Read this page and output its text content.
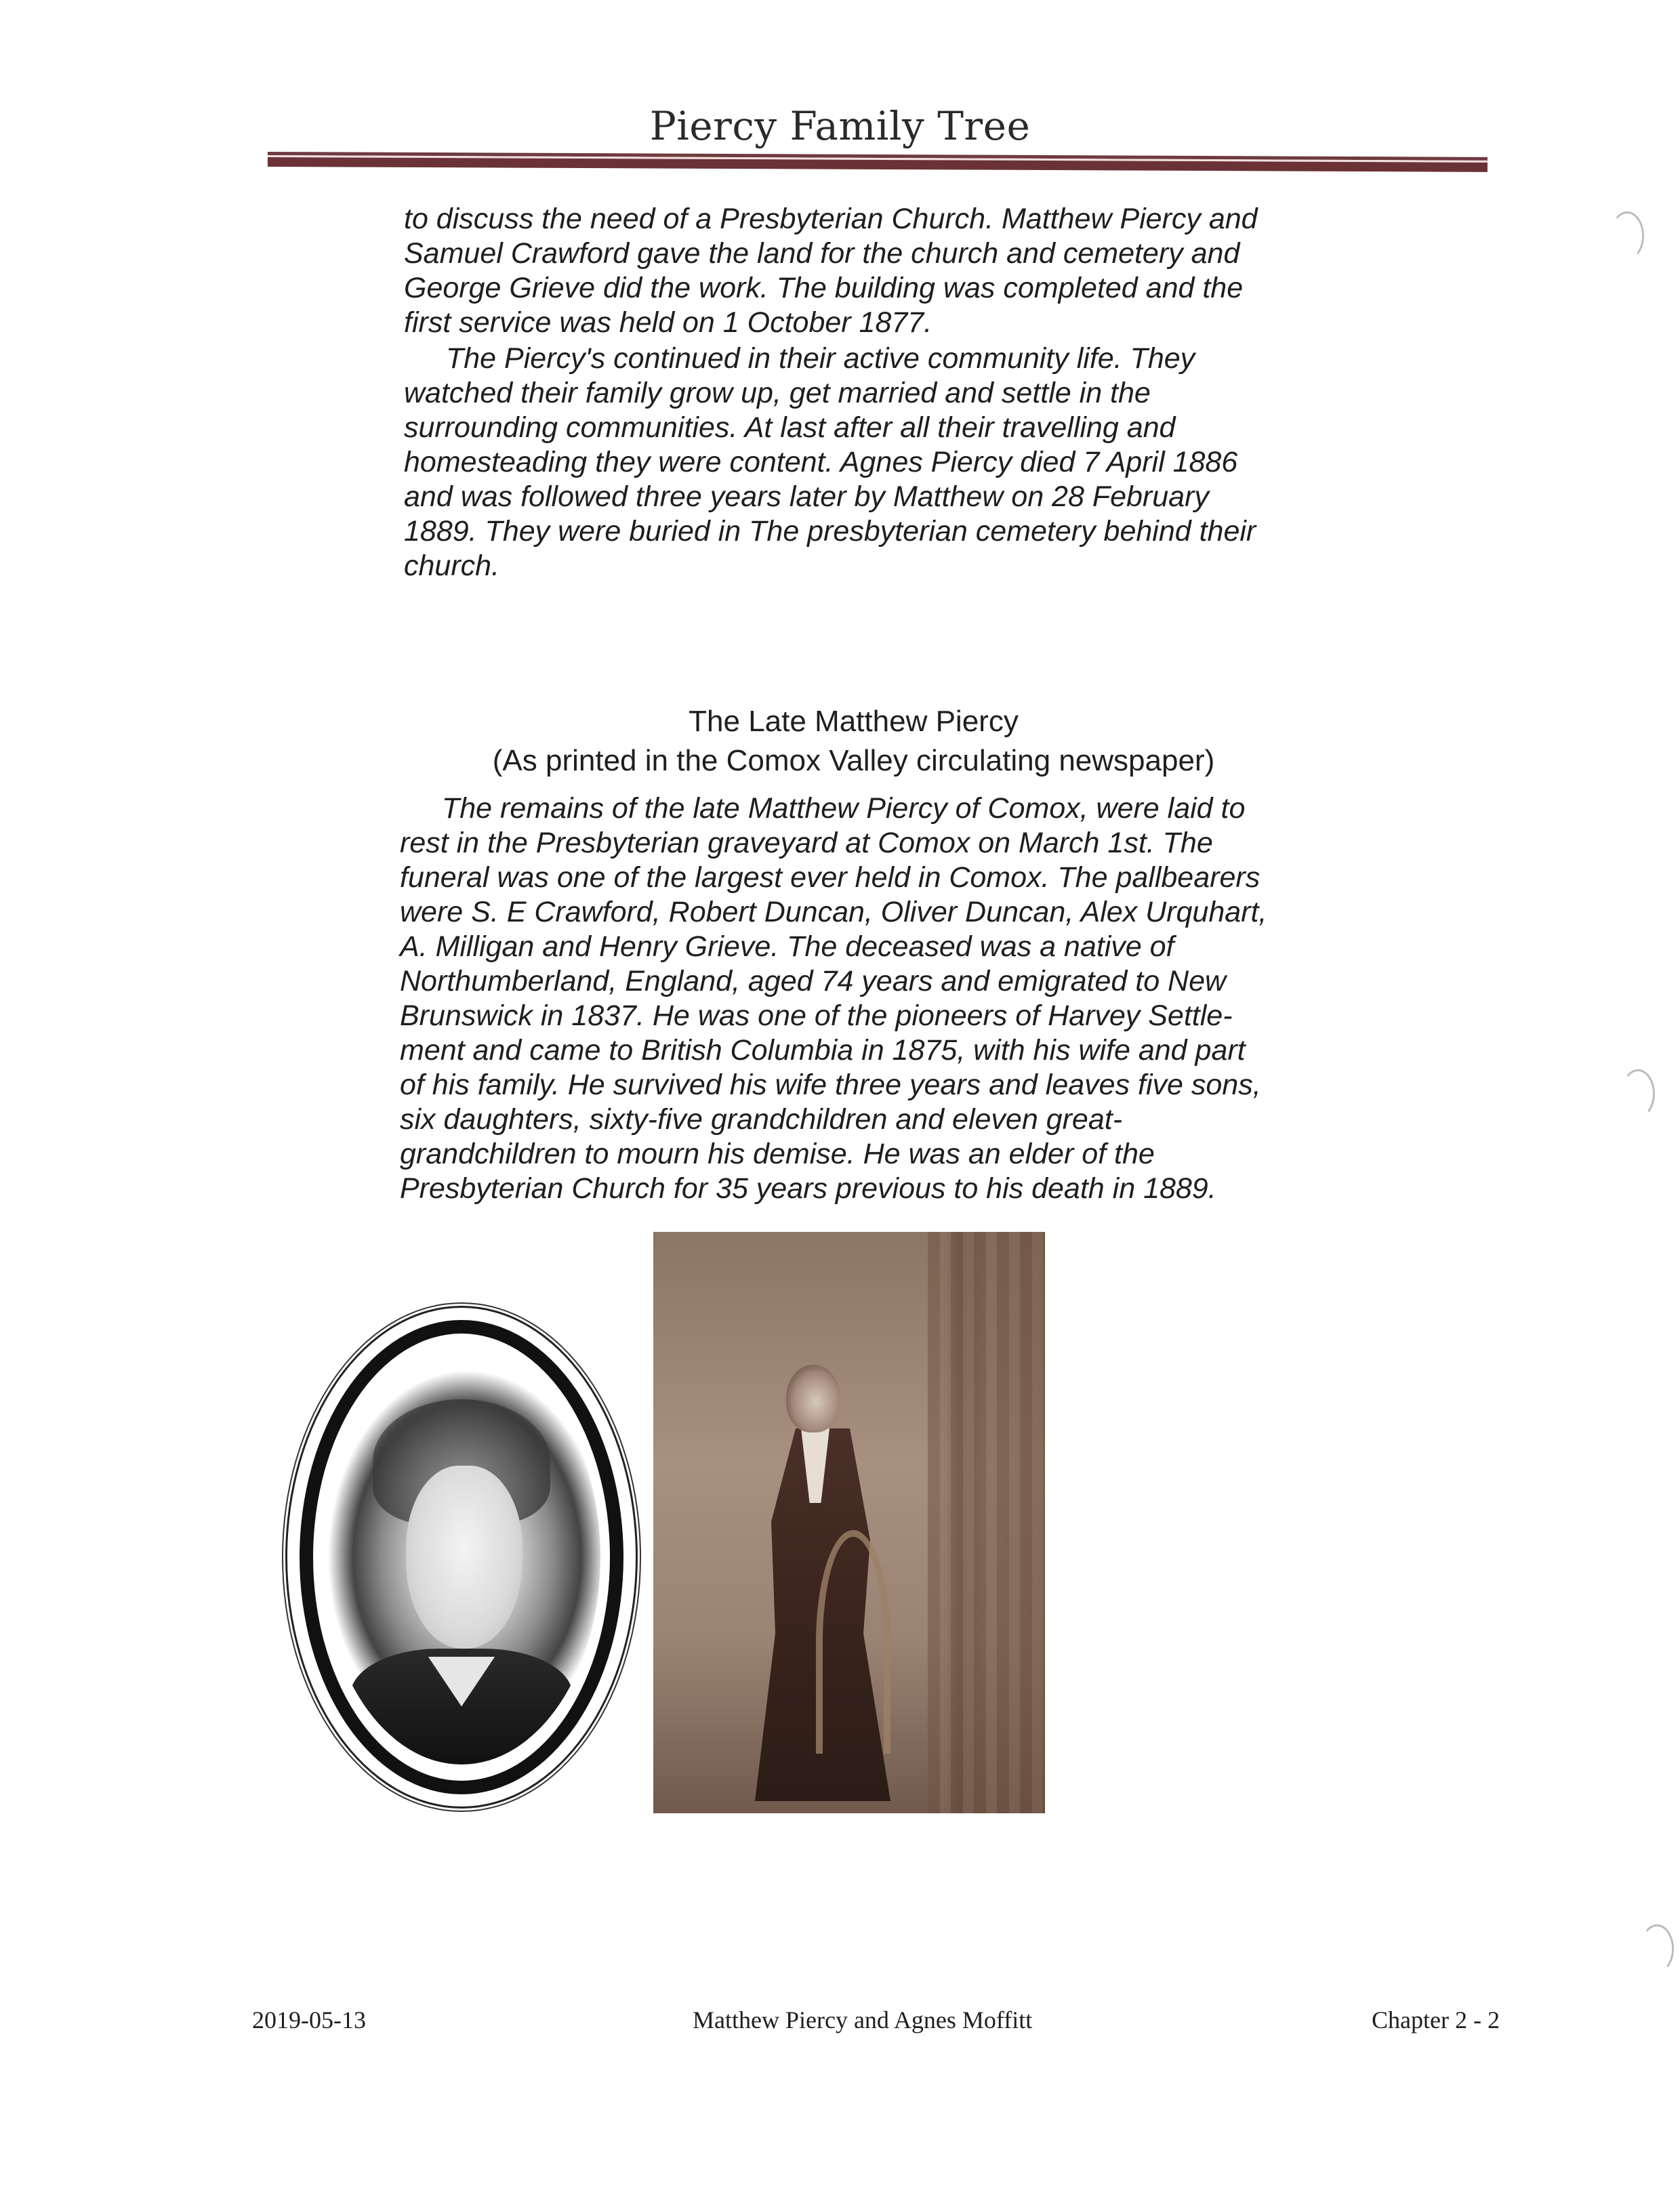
Piercy Family Tree
to discuss the need of a Presbyterian Church. Matthew Piercy and
Samuel Crawford gave the land for the church and cemetery and
George Grieve did the work. The building was completed and the
first service was held on 1 October 1877.
The Piercy's continued in their active community life. They
watched their family grow up, get married and settle in the
surrounding communities. At last after all their travelling and
homesteading they were content. Agnes Piercy died 7 April 1886
and was followed three years later by Matthew on 28 February
1889. They were buried in The presbyterian cemetery behind their
church.
The Late Matthew Piercy
(As printed in the Comox Valley circulating newspaper)
The remains of the late Matthew Piercy of Comox, were laid to
rest in the Presbyterian graveyard at Comox on March 1st. The
funeral was one of the largest ever held in Comox. The pallbearers
were S. E Crawford, Robert Duncan, Oliver Duncan, Alex Urquhart,
A. Milligan and Henry Grieve. The deceased was a native of
Northumberland, England, aged 74 years and emigrated to New
Brunswick in 1837. He was one of the pioneers of Harvey Settle-
ment and came to British Columbia in 1875, with his wife and part
of his family. He survived his wife three years and leaves five sons,
six daughters, sixty-five grandchildren and eleven great-
grandchildren to mourn his demise. He was an elder of the
Presbyterian Church for 35 years previous to his death in 1889.
2019-05-13	Matthew Piercy and Agnes Moffitt	Chapter 2 - 2
